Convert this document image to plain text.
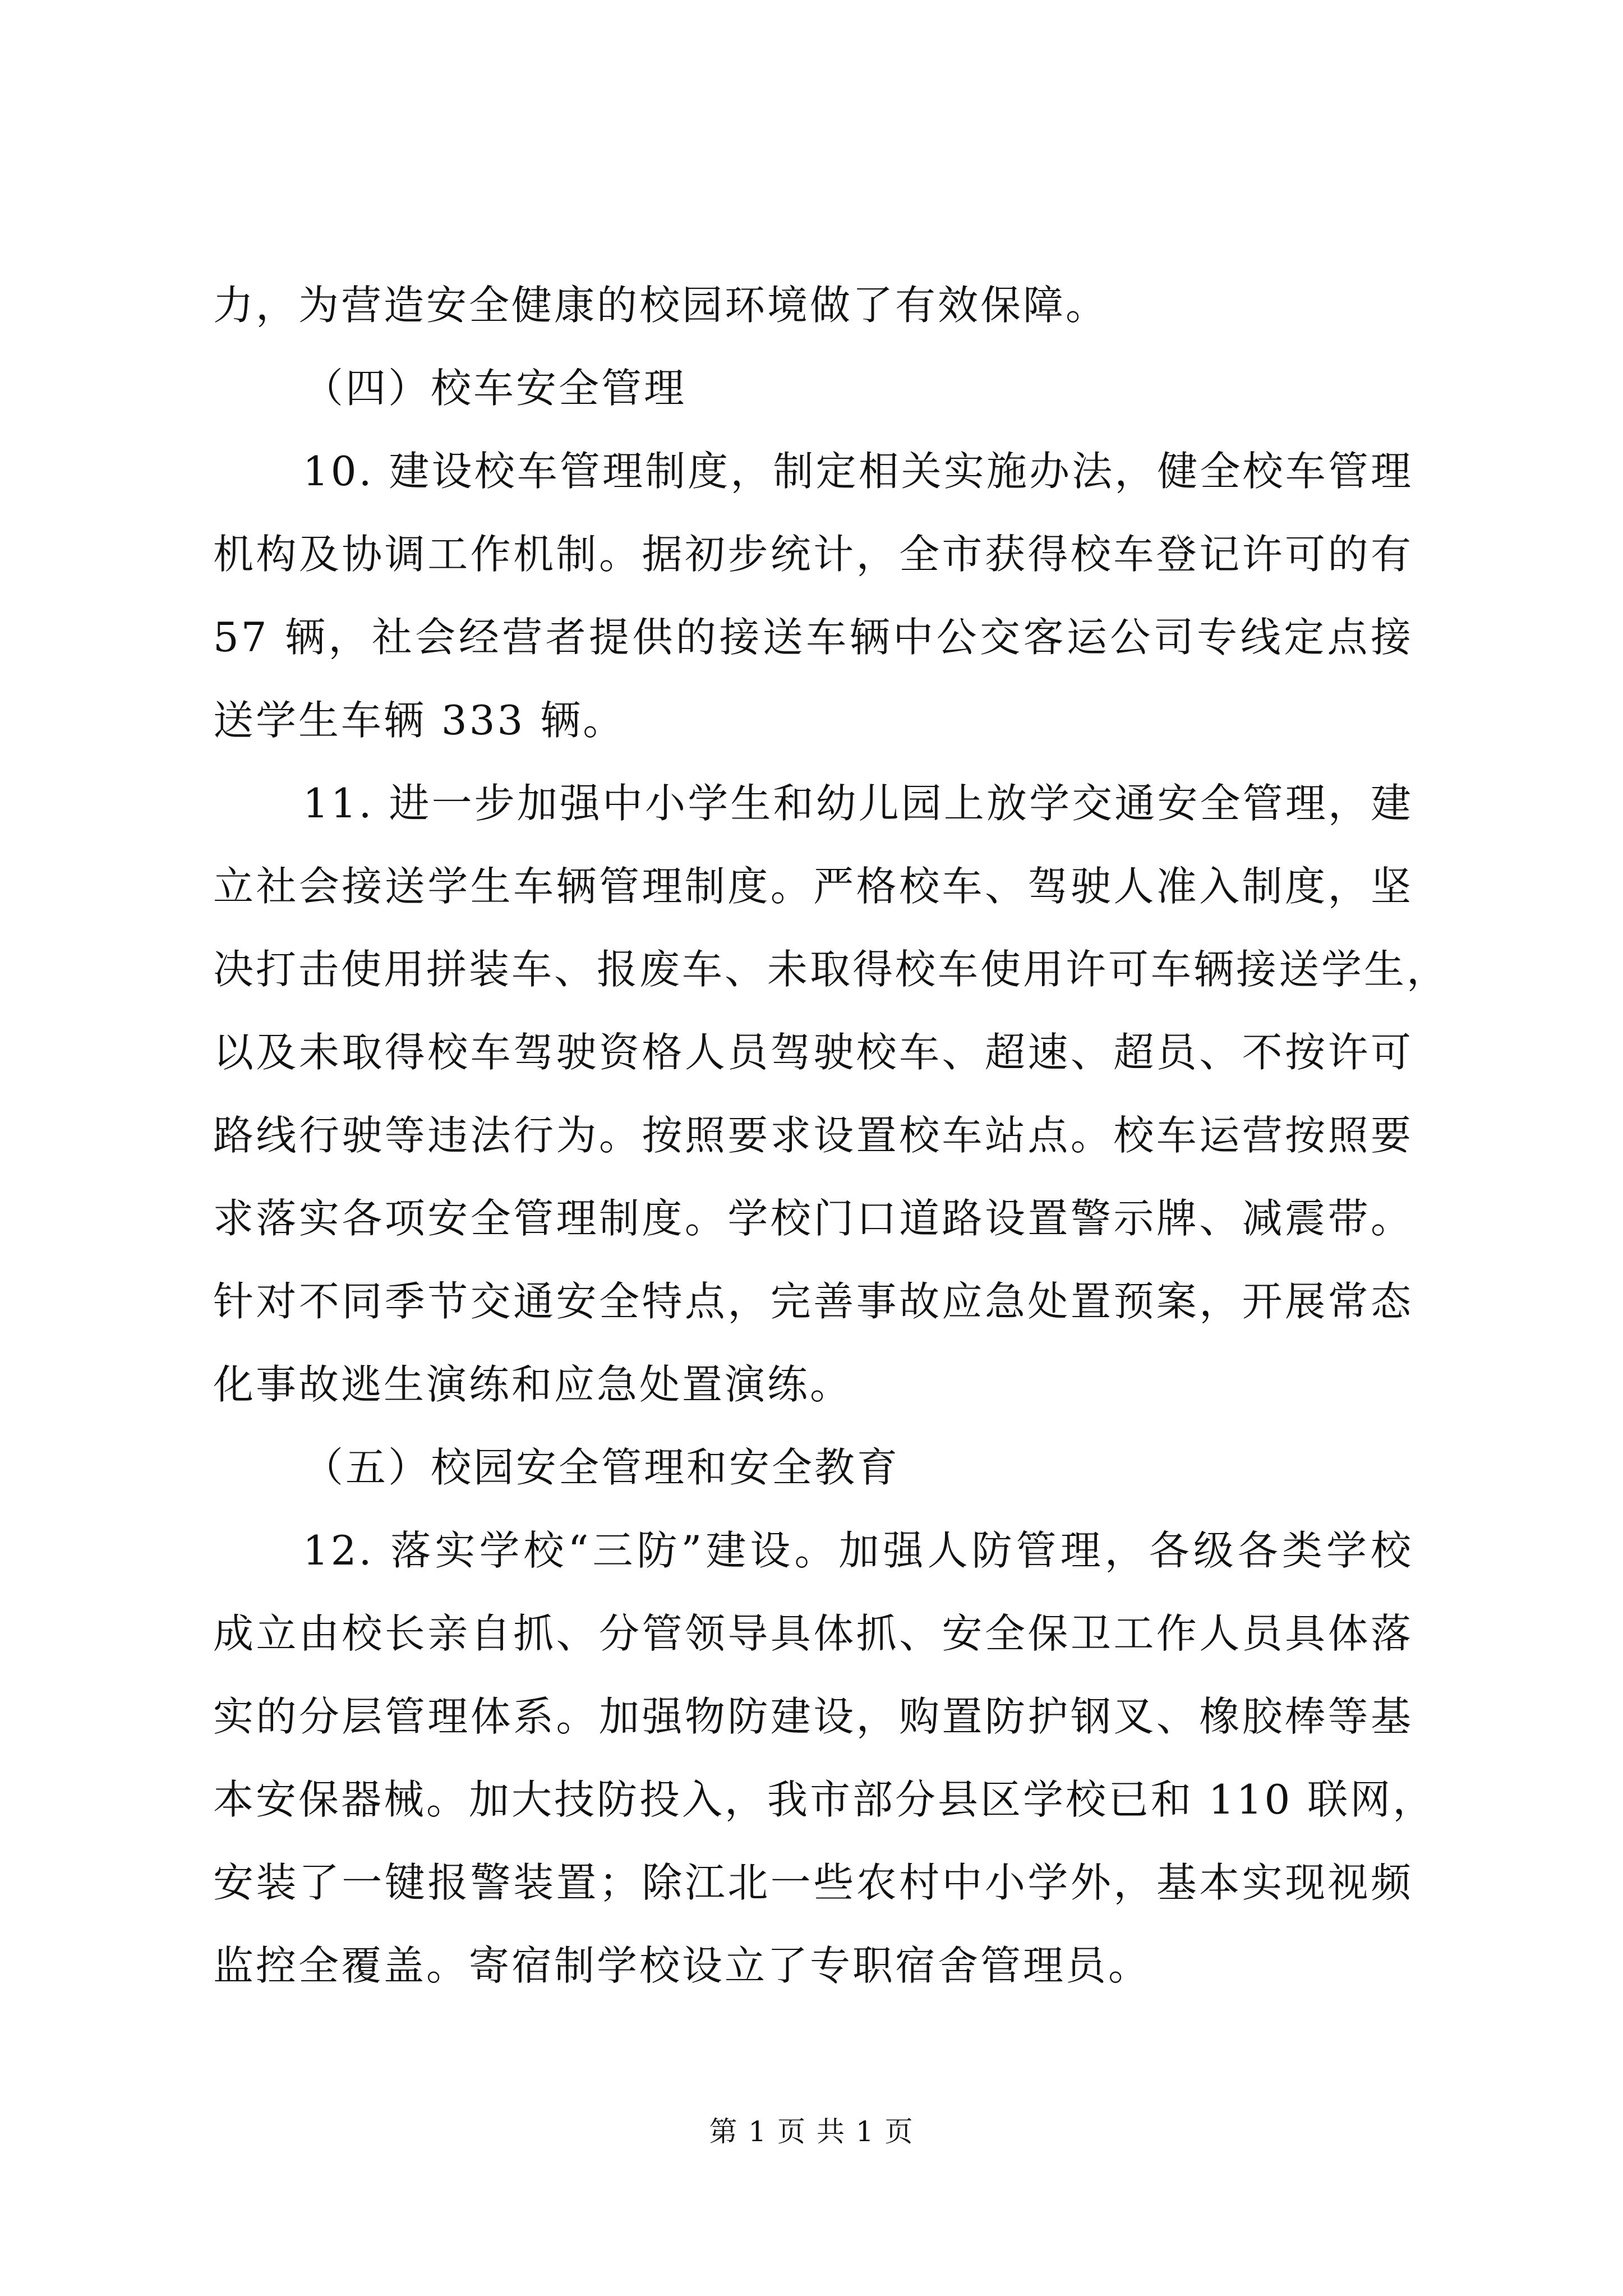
力，为营造安全健康的校园环境做了有效保障。
（四）校车安全管理
10. 建设校车管理制度，制定相关实施办法，健全校车管理
机构及协调工作机制。据初步统计，全市获得校车登记许可的有
57 辆，社会经营者提供的接送车辆中公交客运公司专线定点接
送学生车辆 333 辆。
11. 进一步加强中小学生和幼儿园上放学交通安全管理，建
立社会接送学生车辆管理制度。严格校车、驾驶人准入制度，坚
决打击使用拼装车、报废车、未取得校车使用许可车辆接送学生，
以及未取得校车驾驶资格人员驾驶校车、超速、超员、不按许可
路线行驶等违法行为。按照要求设置校车站点。校车运营按照要
求落实各项安全管理制度。学校门口道路设置警示牌、减震带。
针对不同季节交通安全特点，完善事故应急处置预案，开展常态
化事故逃生演练和应急处置演练。
（五）校园安全管理和安全教育
12. 落实学校“三防”建设。加强人防管理，各级各类学校
成立由校长亲自抓、分管领导具体抓、安全保卫工作人员具体落
实的分层管理体系。加强物防建设，购置防护钢叉、橡胶棒等基
本安保器械。加大技防投入，我市部分县区学校已和 110 联网，
安装了一键报警装置；除江北一些农村中小学外，基本实现视频
监控全覆盖。寄宿制学校设立了专职宿舍管理员。
第 1 页 共 1 页
